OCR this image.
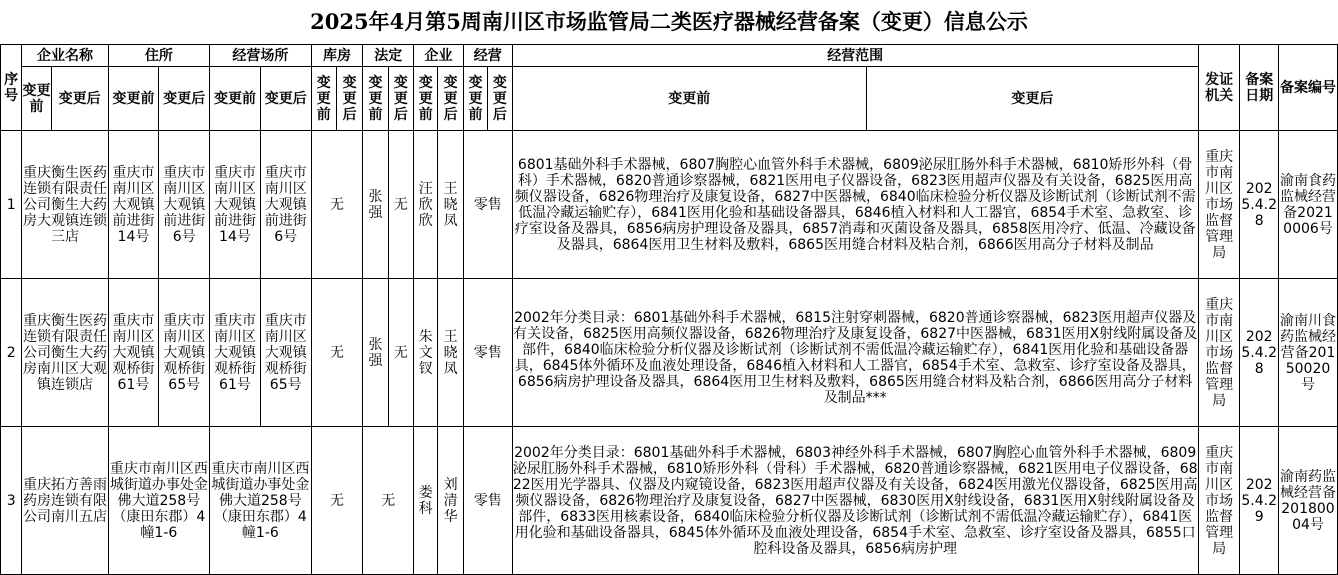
2025年4月第5周南川区市场监管局二类医疗器械经营备案（变更）信息公示
序号	企业名称		住所		经营场所		库房		法定		企业		经营		经营范围		发证机关	备案日期	备案编号
	变更前	变更后	变更前	变更后	变更前	变更后	变更前	变更后	变更前	变更后	变更前	变更后	变更前	变更后	变更前	变更后			

1	重庆衡生医药连锁有限责任公司衡生大药房大观镇连锁三店		重庆市南川区大观镇前进街14号	重庆市南川区大观镇前进街6号	重庆市南川区大观镇前进街14号	重庆市南川区大观镇前进街6号	无		张强	无	汪欣欣	王晓凤	零售		6801基础外科手术器械，6807胸腔心血管外科手术器械，6809泌尿肛肠外科手术器械，6810矫形外科（骨科）手术器械，6820普通诊察器械，6821医用电子仪器设备，6823医用超声仪器及有关设备，6825医用高频仪器设备，6826物理治疗及康复设备，6827中医器械，6840临床检验分析仪器及诊断试剂（诊断试剂不需低温冷藏运输贮存），6841医用化验和基础设备器具，6846植入材料和人工器官，6854手术室、急救室、诊疗室设备及器具，6856病房护理设备及器具，6857消毒和灭菌设备及器具，6858医用冷疗、低温、冷藏设备及器具，6864医用卫生材料及敷料，6865医用缝合材料及粘合剂，6866医用高分子材料及制品		重庆市南川区市场监督管理局	2025.4.28	渝南食药监械经营备20210006号
2	重庆衡生医药连锁有限责任公司衡生大药房南川区大观镇连锁店		重庆市南川区大观镇观桥街61号	重庆市南川区大观镇观桥街65号	重庆市南川区大观镇观桥街61号	重庆市南川区大观镇观桥街65号	无		张强	无	朱文钗	王晓凤	零售		2002年分类目录：6801基础外科手术器械，6815注射穿刺器械，6820普通诊察器械，6823医用超声仪器及有关设备，6825医用高频仪器设备，6826物理治疗及康复设备，6827中医器械，6831医用X射线附属设备及部件，6840临床检验分析仪器及诊断试剂（诊断试剂不需低温冷藏运输贮存），6841医用化验和基础设备器具，6845体外循环及血液处理设备，6846植入材料和人工器官，6854手术室、急救室、诊疗室设备及器具，6856病房护理设备及器具，6864医用卫生材料及敷料，6865医用缝合材料及粘合剂，6866医用高分子材料及制品***		重庆市南川区市场监督管理局	2025.4.28	渝南川食药监械经营备20150020号
3	重庆拓方善雨药房连锁有限公司南川五店		重庆市南川区西城街道办事处金佛大道258号（康田东郡）4幢1-6		重庆市南川区西城街道办事处金佛大道258号（康田东郡）4幢1-6		无		无		娄科	刘清华	零售		2002年分类目录：6801基础外科手术器械，6803神经外科手术器械，6807胸腔心血管外科手术器械，6809泌尿肛肠外科手术器械，6810矫形外科（骨科）手术器械，6820普通诊察器械，6821医用电子仪器设备，6822医用光学器具、仪器及内窥镜设备，6823医用超声仪器及有关设备，6824医用激光仪器设备，6825医用高频仪器设备，6826物理治疗及康复设备，6827中医器械，6830医用X射线设备，6831医用X射线附属设备及部件，6833医用核素设备，6840临床检验分析仪器及诊断试剂（诊断试剂不需低温冷藏运输贮存），6841医用化验和基础设备器具，6845体外循环及血液处理设备，6854手术室、急救室、诊疗室设备及器具，6855口腔科设备及器具，6856病房护理		重庆市南川区市场监督管理局	2025.4.29	渝南药监械经营备20180004号
